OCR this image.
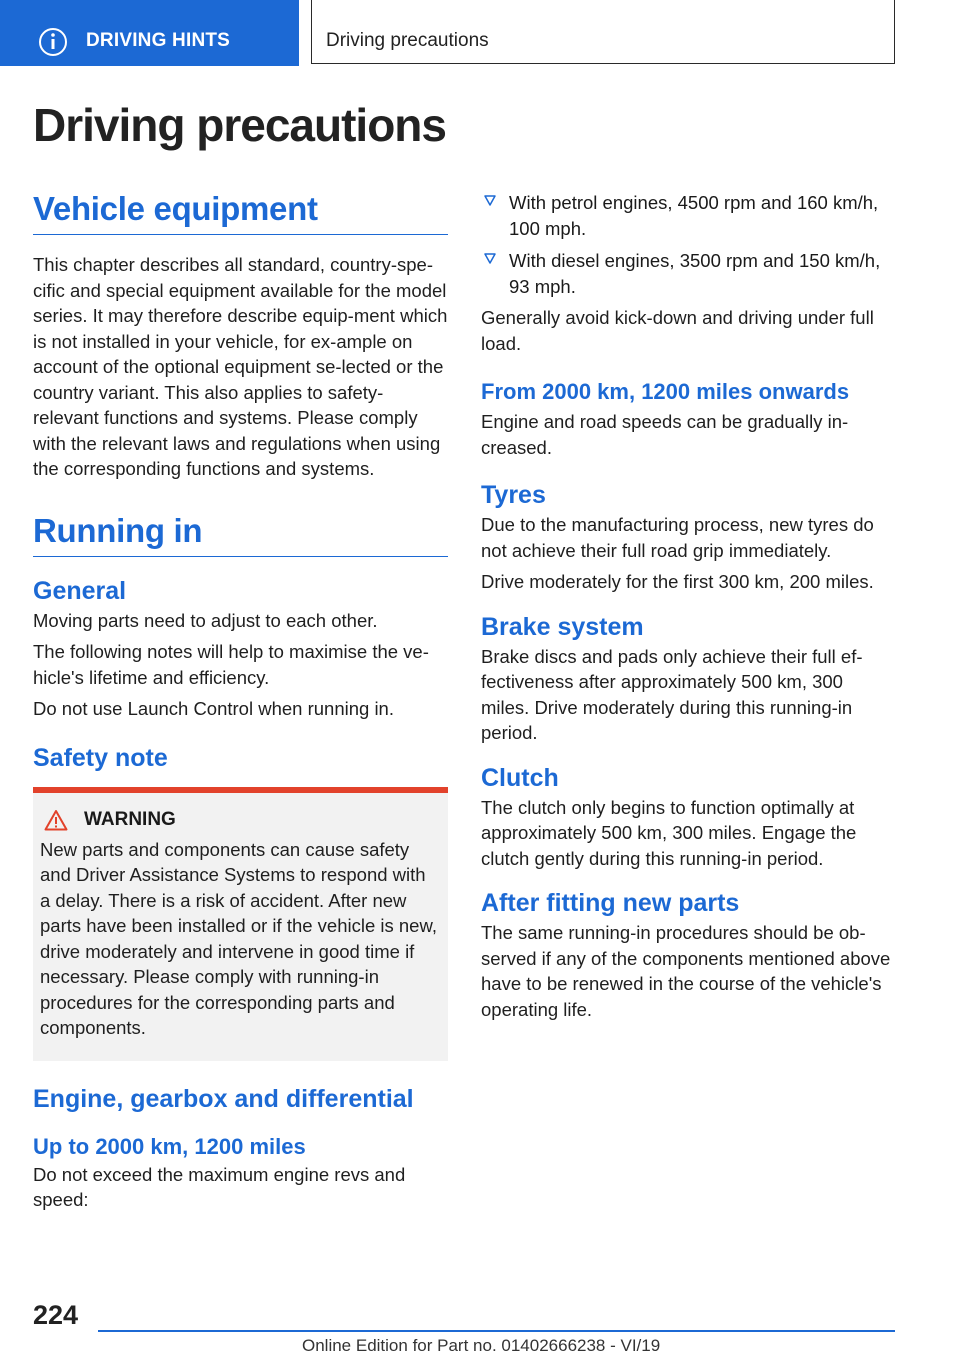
DRIVING HINTS	Driving precautions
Driving precautions
Vehicle equipment

This chapter describes all standard, country-spe-cific and special equipment available for the model series. It may therefore describe equip-ment which is not installed in your vehicle, for ex-ample on account of the optional equipment se-lected or the country variant. This also applies to safety-relevant functions and systems. Please comply with the relevant laws and regulations when using the corresponding functions and systems.

Running in
General

Moving parts need to adjust to each other.

The following notes will help to maximise the ve-hicle's lifetime and efficiency.

Do not use Launch Control when running in.

Safety note
WARNING

New parts and components can cause safety and Driver Assistance Systems to respond with a delay. There is a risk of accident. After new parts have been installed or if the vehicle is new, drive moderately and intervene in good time if necessary. Please comply with running-in procedures for the corresponding parts and components.

Engine, gearbox and differential
Up to 2000 km, 1200 miles

Do not exceed the maximum engine revs and speed:

With petrol engines, 4500 rpm and 160 km/h, 100 mph.
With diesel engines, 3500 rpm and 150 km/h, 93 mph.

Generally avoid kick-down and driving under full load.

From 2000 km, 1200 miles onwards

Engine and road speeds can be gradually in-creased.

Tyres

Due to the manufacturing process, new tyres do not achieve their full road grip immediately.

Drive moderately for the first 300 km, 200 miles.

Brake system

Brake discs and pads only achieve their full ef-fectiveness after approximately 500 km, 300 miles. Drive moderately during this running-in period.

Clutch

The clutch only begins to function optimally at approximately 500 km, 300 miles. Engage the clutch gently during this running-in period.

After fitting new parts

The same running-in procedures should be ob-served if any of the components mentioned above have to be renewed in the course of the vehicle's operating life.

224
Online Edition for Part no. 01402666238 - VI/19
